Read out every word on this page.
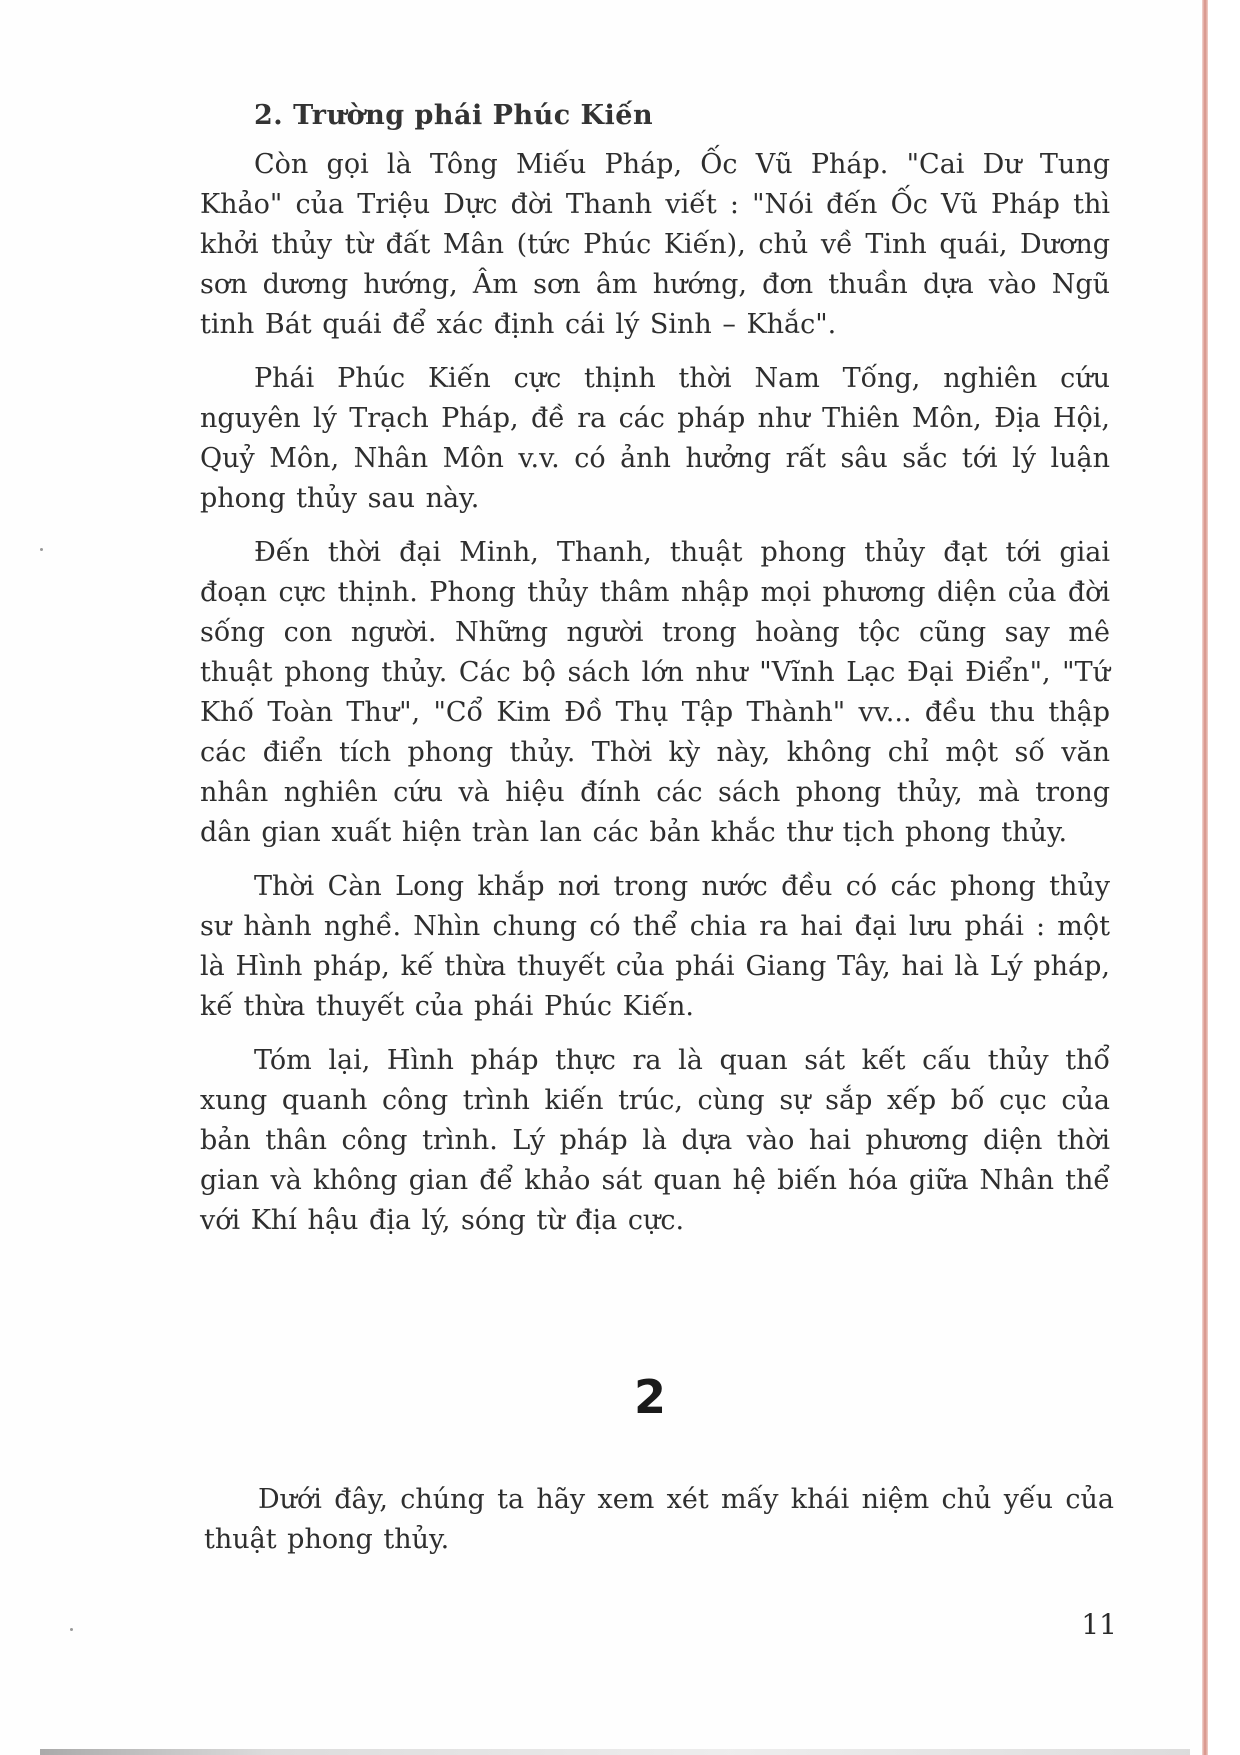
2. Trường phái Phúc Kiến

Còn gọi là Tông Miếu Pháp, Ốc Vũ Pháp. "Cai Dư Tung Khảo" của Triệu Dực đời Thanh viết : "Nói đến Ốc Vũ Pháp thì khởi thủy từ đất Mân (tức Phúc Kiến), chủ về Tinh quái, Dương sơn dương hướng, Âm sơn âm hướng, đơn thuần dựa vào Ngũ tinh Bát quái để xác định cái lý Sinh – Khắc".

Phái Phúc Kiến cực thịnh thời Nam Tống, nghiên cứu nguyên lý Trạch Pháp, đề ra các pháp như Thiên Môn, Địa Hội, Quỷ Môn, Nhân Môn v.v. có ảnh hưởng rất sâu sắc tới lý luận phong thủy sau này.

Đến thời đại Minh, Thanh, thuật phong thủy đạt tới giai đoạn cực thịnh. Phong thủy thâm nhập mọi phương diện của đời sống con người. Những người trong hoàng tộc cũng say mê thuật phong thủy. Các bộ sách lớn như "Vĩnh Lạc Đại Điển", "Tứ Khố Toàn Thư", "Cổ Kim Đồ Thụ Tập Thành" vv... đều thu thập các điển tích phong thủy. Thời kỳ này, không chỉ một số văn nhân nghiên cứu và hiệu đính các sách phong thủy, mà trong dân gian xuất hiện tràn lan các bản khắc thư tịch phong thủy.

Thời Càn Long khắp nơi trong nước đều có các phong thủy sư hành nghề. Nhìn chung có thể chia ra hai đại lưu phái : một là Hình pháp, kế thừa thuyết của phái Giang Tây, hai là Lý pháp, kế thừa thuyết của phái Phúc Kiến.

Tóm lại, Hình pháp thực ra là quan sát kết cấu thủy thổ xung quanh công trình kiến trúc, cùng sự sắp xếp bố cục của bản thân công trình. Lý pháp là dựa vào hai phương diện thời gian và không gian để khảo sát quan hệ biến hóa giữa Nhân thể với Khí hậu địa lý, sóng từ địa cực.

2

Dưới đây, chúng ta hãy xem xét mấy khái niệm chủ yếu của thuật phong thủy.

11
